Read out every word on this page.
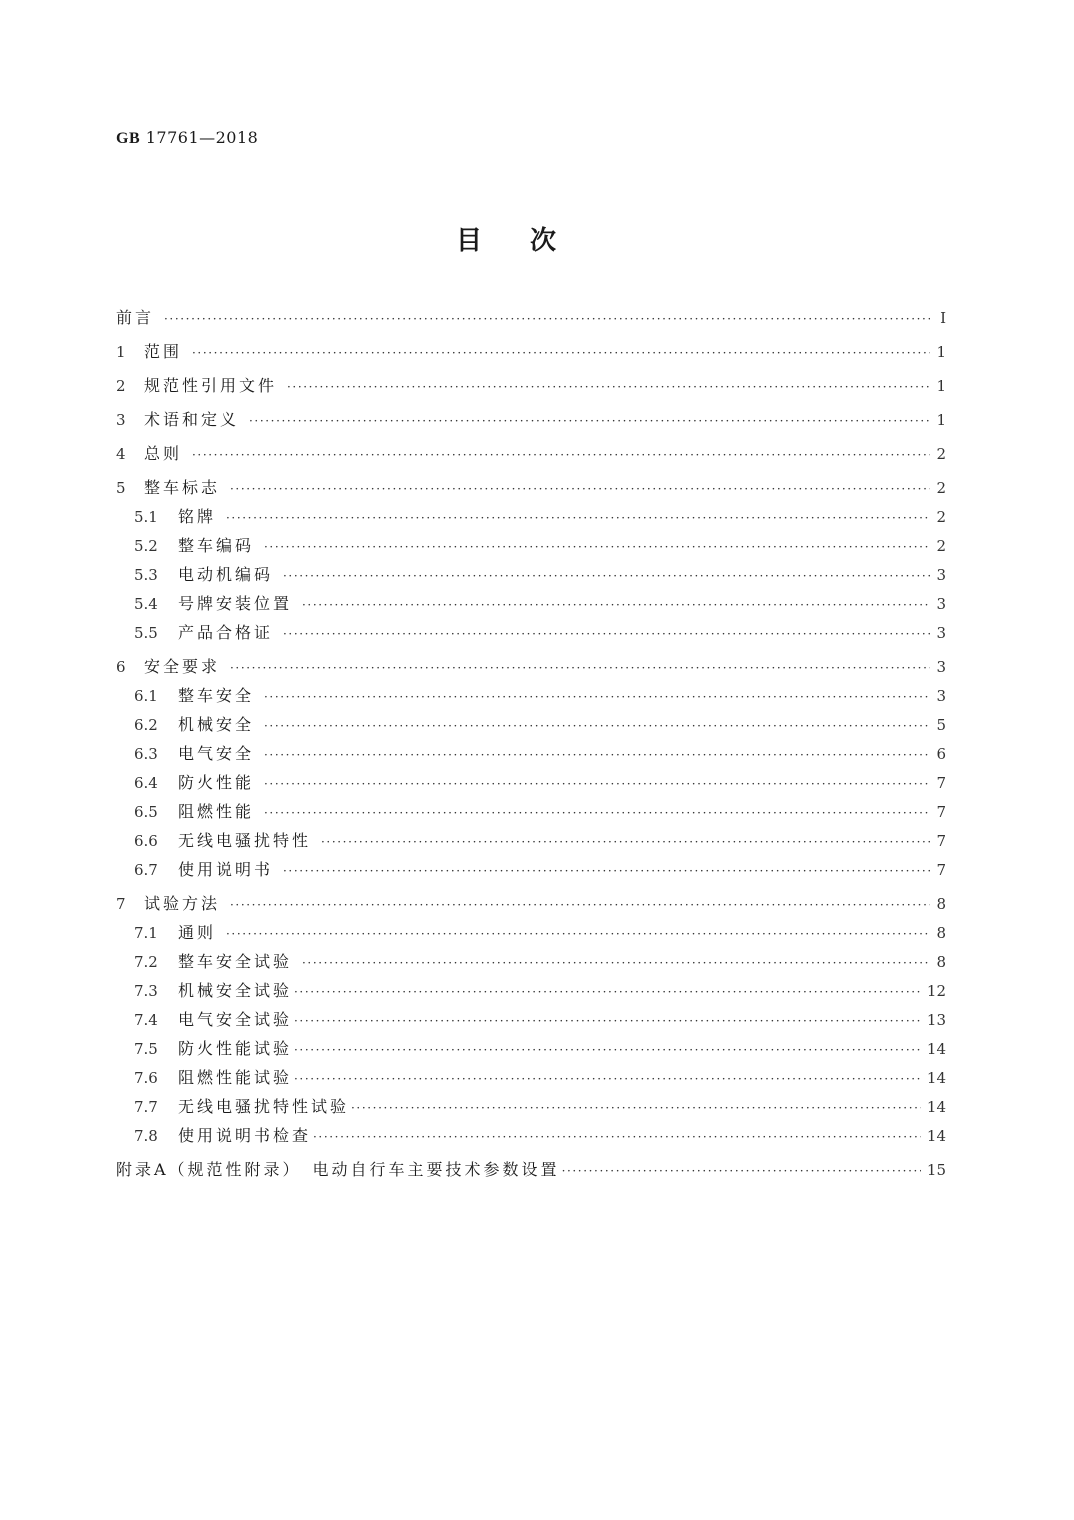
GB 17761—2018
目次
前言 ·····	Ⅰ
1	范围 ·····	1
2	规范性引用文件 ·····	1
3	术语和定义 ·····	1
4	总则 ·····	2
5	整车标志 ·····	2
5.1	铭牌 ·····	2
5.2	整车编码 ·····	2
5.3	电动机编码 ·····	3
5.4	号牌安装位置 ·····	3
5.5	产品合格证 ·····	3
6	安全要求 ·····	3
6.1	整车安全 ·····	3
6.2	机械安全 ·····	5
6.3	电气安全 ·····	6
6.4	防火性能 ·····	7
6.5	阻燃性能 ·····	7
6.6	无线电骚扰特性 ·····	7
6.7	使用说明书 ·····	7
7	试验方法 ·····	8
7.1	通则 ·····	8
7.2	整车安全试验 ·····	8
7.3	机械安全试验 ·····	12
7.4	电气安全试验 ·····	13
7.5	防火性能试验 ·····	14
7.6	阻燃性能试验 ·····	14
7.7	无线电骚扰特性试验 ·····	14
7.8	使用说明书检查 ·····	14
附录A（规范性附录）　电动自行车主要技术参数设置 ·····	15
